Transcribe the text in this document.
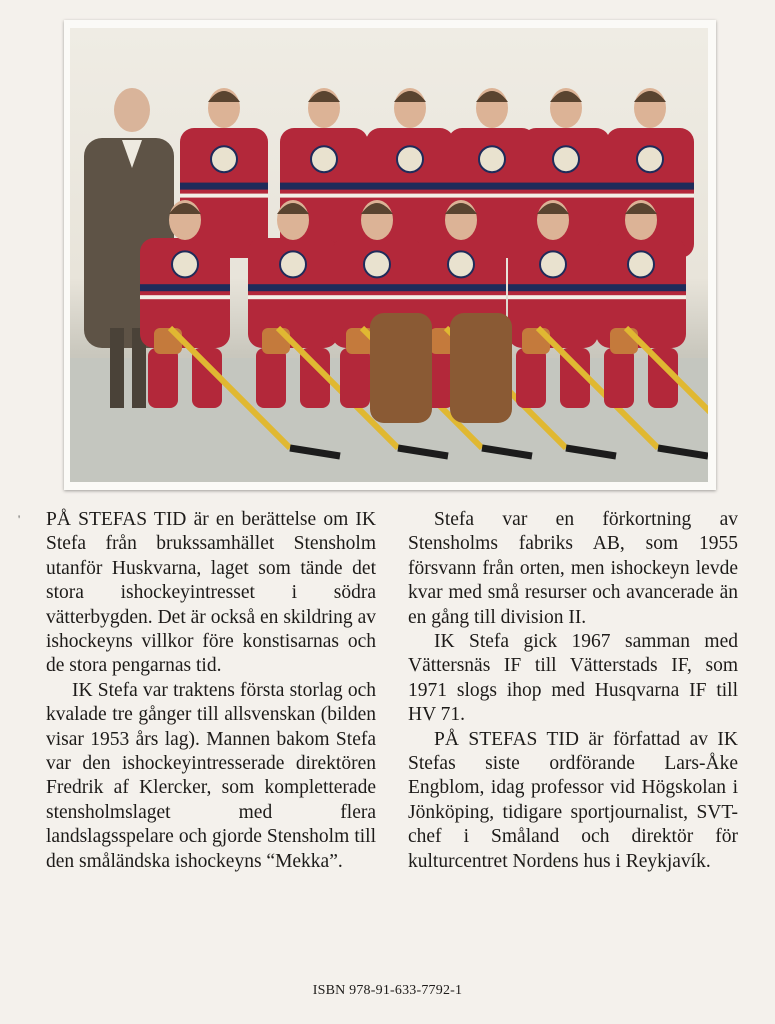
' PÅ STEFAS TID är en berättelse om IK Stefa från brukssamhället Stensholm utanför Huskvarna, laget som tände det stora ishockeyintresset i södra vätterbygden. Det är också en skildring av ishockeyns villkor före konstisarnas och de stora pengarnas tid.

IK Stefa var traktens första storlag och kvalade tre gånger till allsvenskan (bilden visar 1953 års lag). Mannen bakom Stefa var den ishockeyintresserade direktören Fredrik af Klercker, som kompletterade stensholmslaget med flera landslagsspelare och gjorde Stensholm till den småländska ishockeyns “Mekka”.

Stefa var en förkortning av Stensholms fabriks AB, som 1955 försvann från orten, men ishockeyn levde kvar med små resurser och avancerade än en gång till division II.

IK Stefa gick 1967 samman med Vättersnäs IF till Vätterstads IF, som 1971 slogs ihop med Husqvarna IF till HV 71.

PÅ STEFAS TID är författad av IK Stefas siste ordförande Lars-Åke Engblom, idag professor vid Högskolan i Jönköping, tidigare sportjournalist, SVT-chef i Småland och direktör för kulturcentret Nordens hus i Reykjavík.

ISBN 978-91-633-7792-1
